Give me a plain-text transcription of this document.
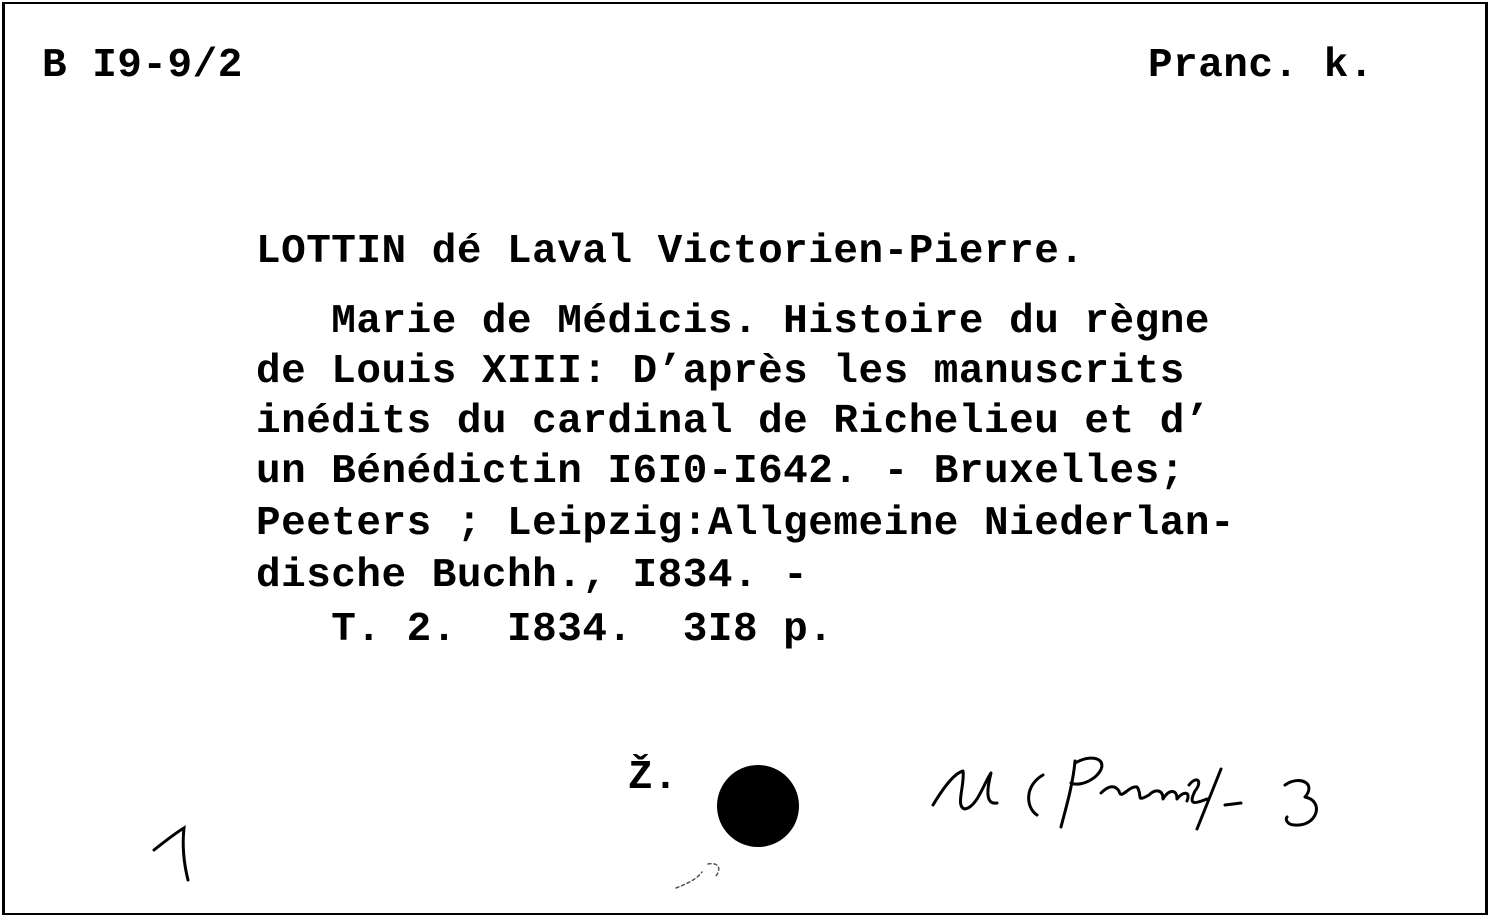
B I9-9/2	Pranc. k.
LOTTIN dé Laval Victorien-Pierre.
Marie de Médicis. Histoire du règne
de Louis XIII: D’après les manuscrits
inédits du cardinal de Richelieu et d’
un Bénédictin I6I0-I642. - Bruxelles;
Peeters ; Leipzig:Allgemeine Niederlan-
dische Buchh., I834. -
T. 2.  I834.  3I8 p.
Ž.
